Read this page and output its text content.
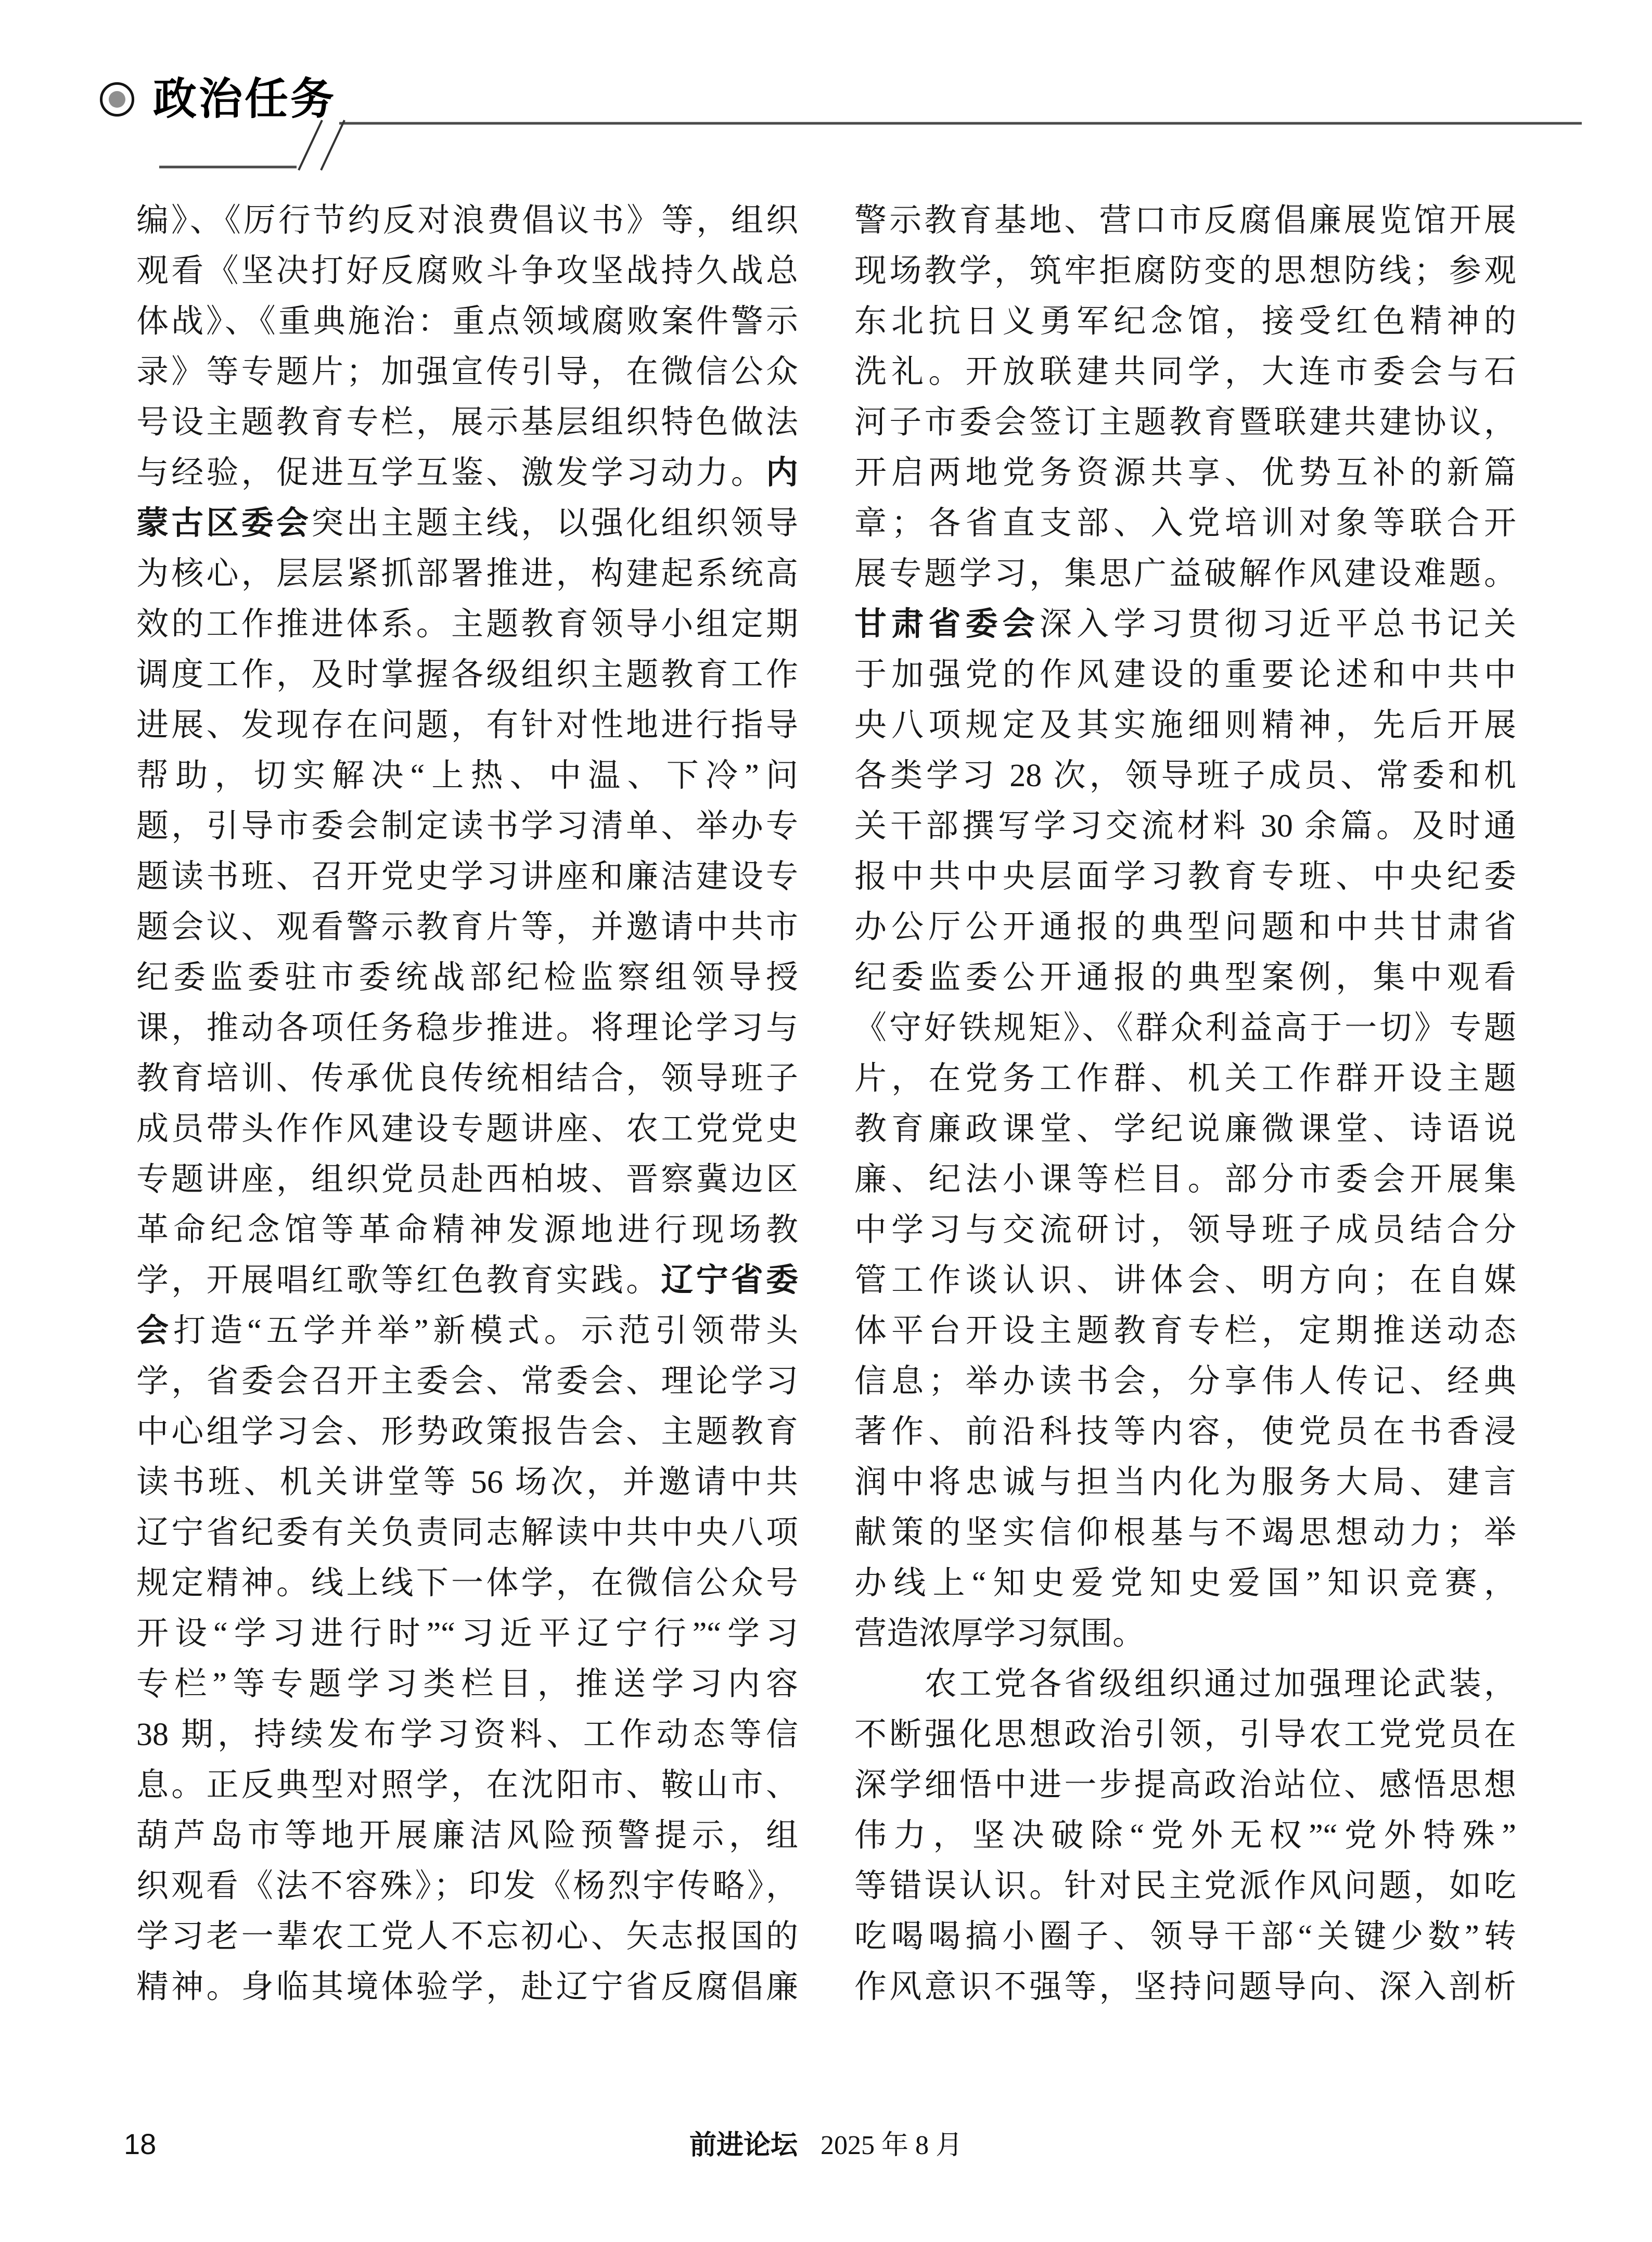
政治任务
编》、《厉行节约反对浪费倡议书》等，组织
观看《坚决打好反腐败斗争攻坚战持久战总
体战》、《重典施治：重点领域腐败案件警示
录》等专题片；加强宣传引导，在微信公众
号设主题教育专栏，展示基层组织特色做法
与经验，促进互学互鉴、激发学习动力。内
蒙古区委会突出主题主线，以强化组织领导
为核心，层层紧抓部署推进，构建起系统高
效的工作推进体系。主题教育领导小组定期
调度工作，及时掌握各级组织主题教育工作
进展、发现存在问题，有针对性地进行指导
帮助，切实解决“上热、中温、下冷”问
题，引导市委会制定读书学习清单、举办专
题读书班、召开党史学习讲座和廉洁建设专
题会议、观看警示教育片等，并邀请中共市
纪委监委驻市委统战部纪检监察组领导授
课，推动各项任务稳步推进。将理论学习与
教育培训、传承优良传统相结合，领导班子
成员带头作作风建设专题讲座、农工党党史
专题讲座，组织党员赴西柏坡、晋察冀边区
革命纪念馆等革命精神发源地进行现场教
学，开展唱红歌等红色教育实践。辽宁省委
会打造“五学并举”新模式。示范引领带头
学，省委会召开主委会、常委会、理论学习
中心组学习会、形势政策报告会、主题教育
读书班、机关讲堂等 56 场次，并邀请中共
辽宁省纪委有关负责同志解读中共中央八项
规定精神。线上线下一体学，在微信公众号
开设“学习进行时”“习近平辽宁行”“学习
专栏”等专题学习类栏目，推送学习内容
38 期，持续发布学习资料、工作动态等信
息。正反典型对照学，在沈阳市、鞍山市、
葫芦岛市等地开展廉洁风险预警提示，组
织观看《法不容殊》；印发《杨烈宇传略》，
学习老一辈农工党人不忘初心、矢志报国的
精神。身临其境体验学，赴辽宁省反腐倡廉
警示教育基地、营口市反腐倡廉展览馆开展
现场教学，筑牢拒腐防变的思想防线；参观
东北抗日义勇军纪念馆，接受红色精神的
洗礼。开放联建共同学，大连市委会与石
河子市委会签订主题教育暨联建共建协议，
开启两地党务资源共享、优势互补的新篇
章；各省直支部、入党培训对象等联合开
展专题学习，集思广益破解作风建设难题。
甘肃省委会深入学习贯彻习近平总书记关
于加强党的作风建设的重要论述和中共中
央八项规定及其实施细则精神，先后开展
各类学习 28 次，领导班子成员、常委和机
关干部撰写学习交流材料 30 余篇。及时通
报中共中央层面学习教育专班、中央纪委
办公厅公开通报的典型问题和中共甘肃省
纪委监委公开通报的典型案例，集中观看
《守好铁规矩》、《群众利益高于一切》专题
片，在党务工作群、机关工作群开设主题
教育廉政课堂、学纪说廉微课堂、诗语说
廉、纪法小课等栏目。部分市委会开展集
中学习与交流研讨，领导班子成员结合分
管工作谈认识、讲体会、明方向；在自媒
体平台开设主题教育专栏，定期推送动态
信息；举办读书会，分享伟人传记、经典
著作、前沿科技等内容，使党员在书香浸
润中将忠诚与担当内化为服务大局、建言
献策的坚实信仰根基与不竭思想动力；举
办线上“知史爱党知史爱国”知识竞赛，
营造浓厚学习氛围。
　　农工党各省级组织通过加强理论武装，
不断强化思想政治引领，引导农工党党员在
深学细悟中进一步提高政治站位、感悟思想
伟力，坚决破除“党外无权”“党外特殊”
等错误认识。针对民主党派作风问题，如吃
吃喝喝搞小圈子、领导干部“关键少数”转
作风意识不强等，坚持问题导向、深入剖析
18	前进论坛 2025 年 8 月
